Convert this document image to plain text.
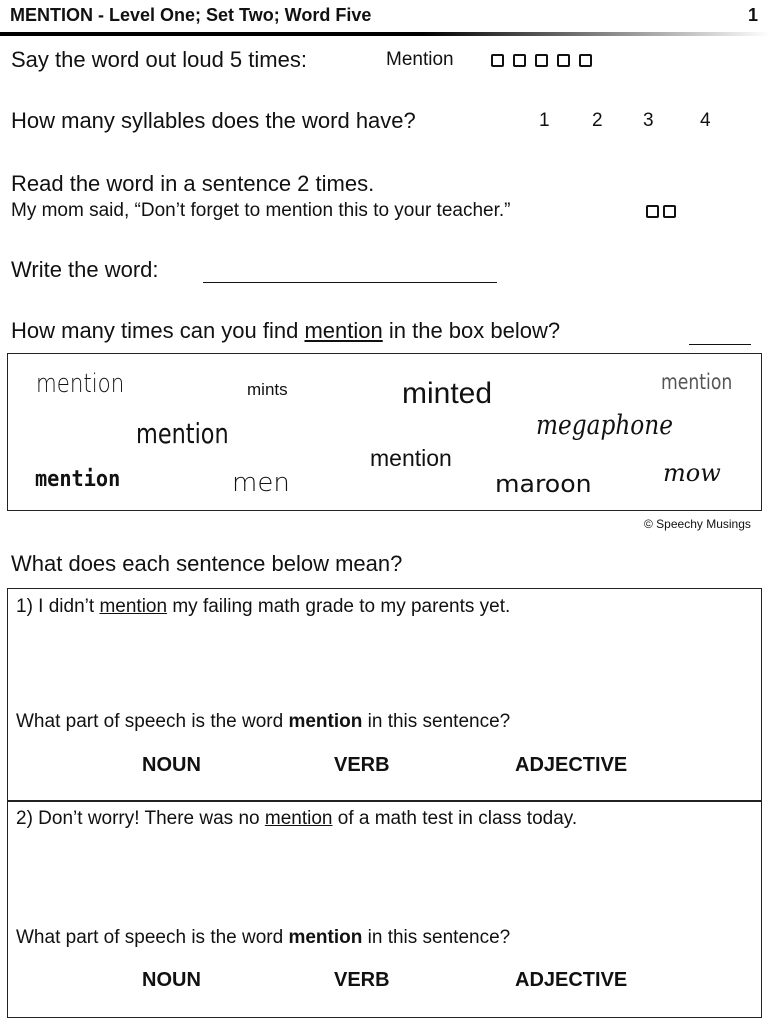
MENTION - Level One; Set Two; Word Five	1
Say the word out loud 5 times:	Mention
How many syllables does the word have?	1 2 3 4
Read the word in a sentence 2 times.
My mom said, “Don’t forget to mention this to your teacher.”
Write the word:
How many times can you find mention in the box below?
mention	mints	minted	mention
mention	megaphone
mention
mention	men	maroon	mow
© Speechy Musings
What does each sentence below mean?
1) I didn’t mention my failing math grade to my parents yet.
What part of speech is the word mention in this sentence?
NOUN	VERB	ADJECTIVE
2) Don’t worry! There was no mention of a math test in class today.
What part of speech is the word mention in this sentence?
NOUN	VERB	ADJECTIVE
